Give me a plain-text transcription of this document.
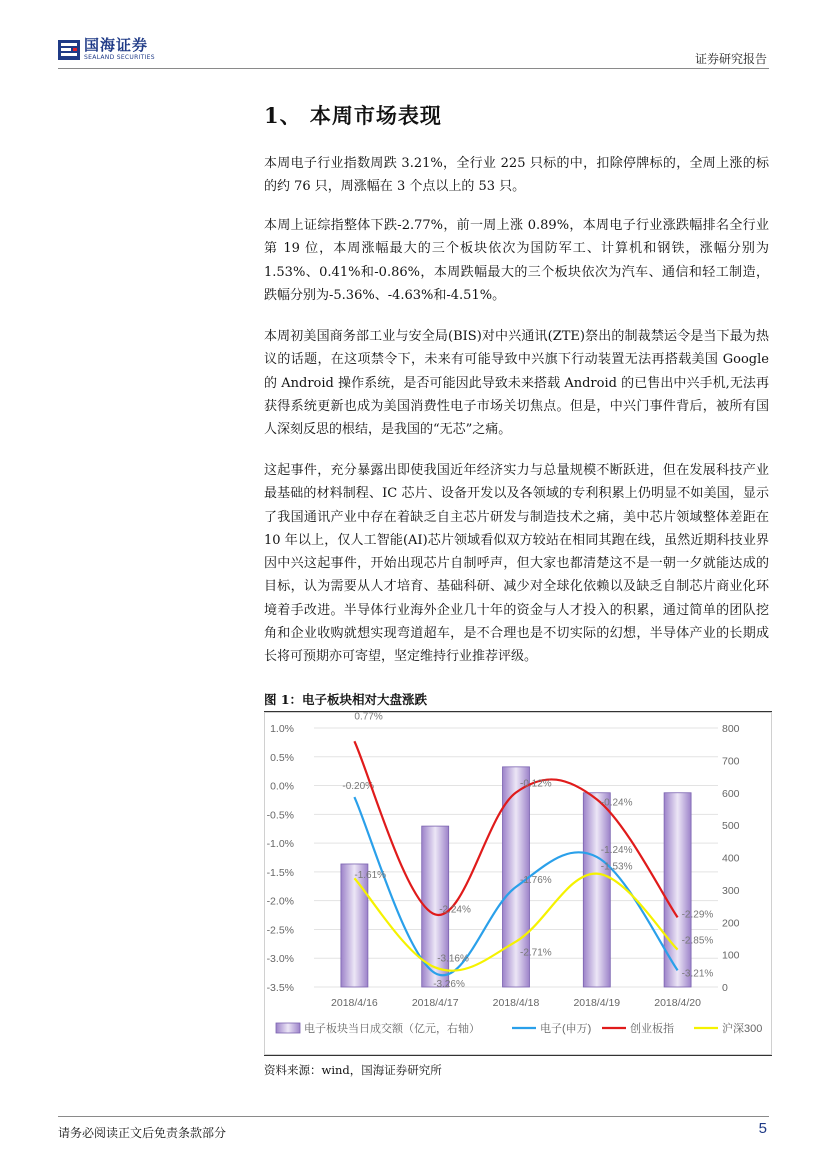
国海证券
SEALAND SECURITIES	证券研究报告
1、 本周市场表现

本周电子行业指数周跌 3.21%，全行业 225 只标的中，扣除停牌标的，全周上涨的标的约 76 只，周涨幅在 3 个点以上的 53 只。

本周上证综指整体下跌-2.77%，前一周上涨 0.89%，本周电子行业涨跌幅排名全行业第 19 位，本周涨幅最大的三个板块依次为国防军工、计算机和钢铁，涨幅分别为 1.53%、0.41%和-0.86%，本周跌幅最大的三个板块依次为汽车、通信和轻工制造，跌幅分别为-5.36%、-4.63%和-4.51%。

本周初美国商务部工业与安全局(BIS)对中兴通讯(ZTE)祭出的制裁禁运令是当下最为热议的话题，在这项禁令下，未来有可能导致中兴旗下行动装置无法再搭载美国 Google 的 Android 操作系统，是否可能因此导致未来搭载 Android 的已售出中兴手机,无法再获得系统更新也成为美国消费性电子市场关切焦点。但是，中兴门事件背后，被所有国人深刻反思的根结，是我国的“无芯”之痛。

这起事件，充分暴露出即使我国近年经济实力与总量规模不断跃进，但在发展科技产业最基础的材料制程、IC 芯片、设备开发以及各领域的专利积累上仍明显不如美国，显示了我国通讯产业中存在着缺乏自主芯片研发与制造技术之痛，美中芯片领域整体差距在 10 年以上，仅人工智能(AI)芯片领域看似双方较站在相同其跑在线，虽然近期科技业界因中兴这起事件，开始出现芯片自制呼声，但大家也都清楚这不是一朝一夕就能达成的目标，认为需要从人才培育、基础科研、减少对全球化依赖以及缺乏自制芯片商业化环境着手改进。半导体行业海外企业几十年的资金与人才投入的积累，通过简单的团队挖角和企业收购就想实现弯道超车，是不合理也是不切实际的幻想，半导体产业的长期成长将可预期亦可寄望，坚定维持行业推荐评级。

图 1：电子板块相对大盘涨跌
1.0%
0.5%
0.0%
-0.5%
-1.0%
-1.5%
-2.0%
-2.5%
-3.0%
-3.5%
800
700
600
500
400
300
200
100
0
2018/4/16	2018/4/17	2018/4/18	2018/4/19	2018/4/20
-0.20%
-3.26%
-1.76%
-1.24%
-3.21%
0.77%
-2.24%
-0.12%
-0.24%
-2.29%
-1.61%
-3.16%
-2.71%
-1.53%
-2.85%
电子板块当日成交额（亿元，右轴）	电子(申万)	创业板指	沪深300
资料来源：wind，国海证券研究所
请务必阅读正文后免责条款部分	5
